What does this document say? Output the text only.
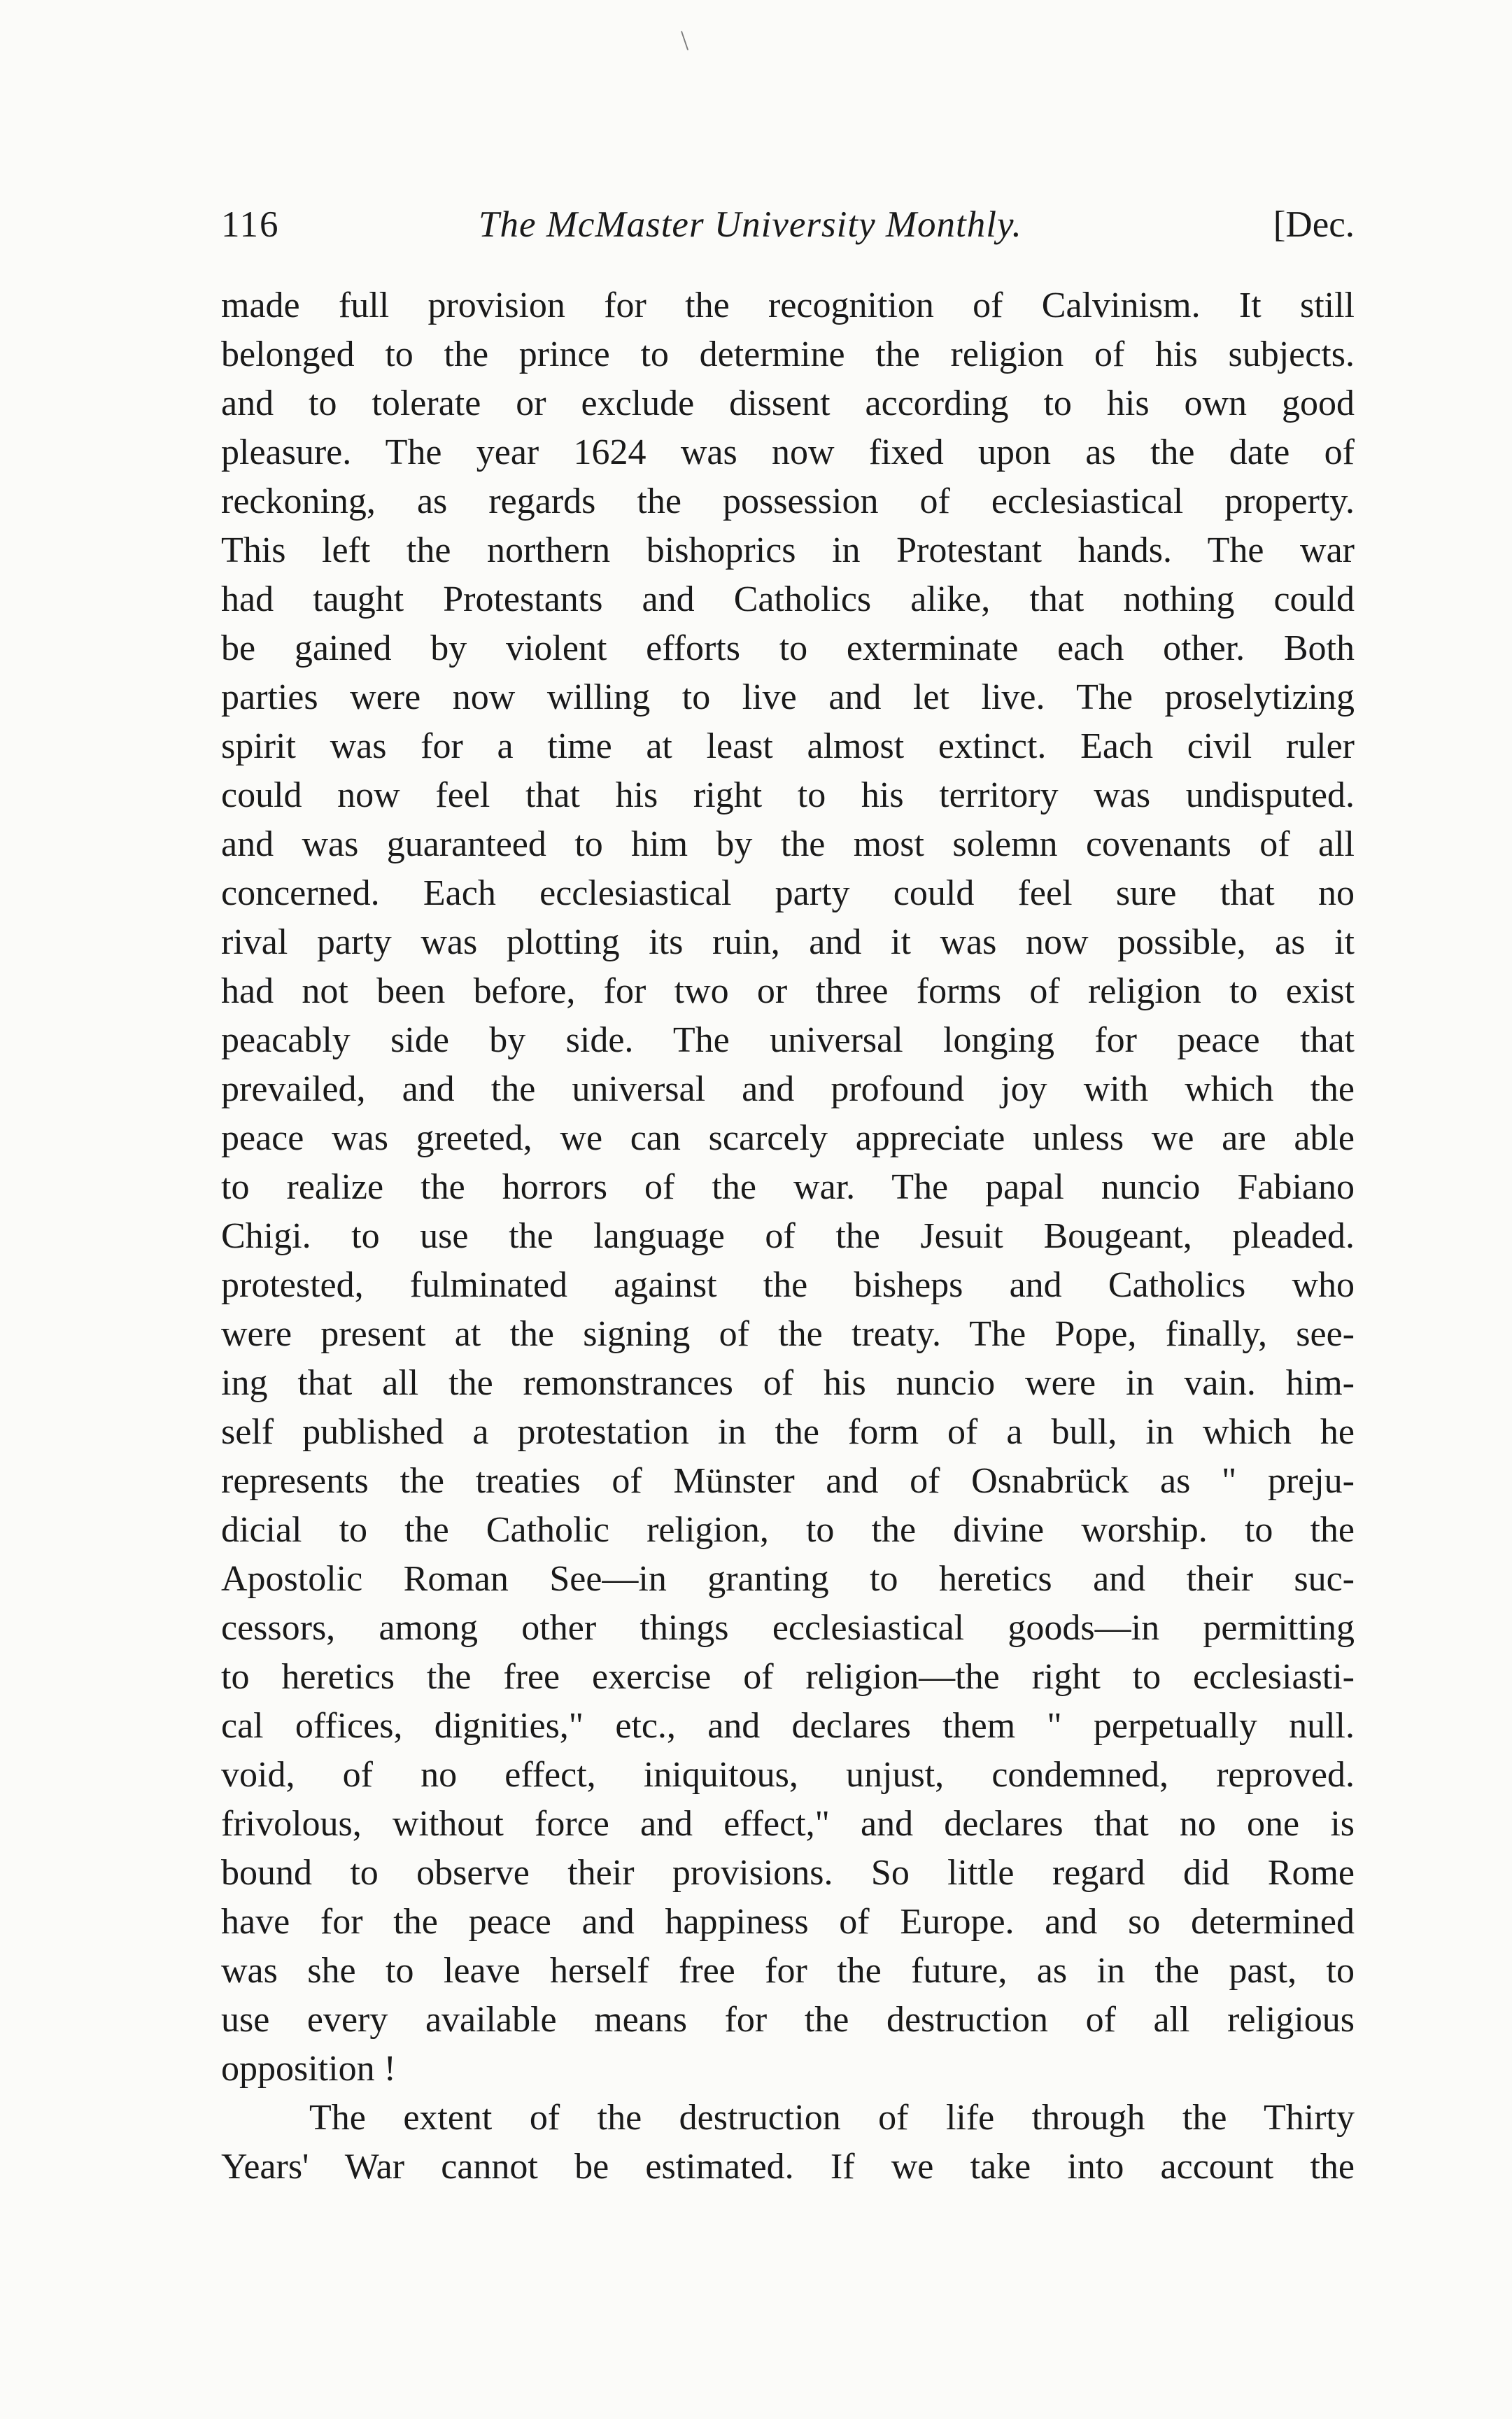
\
116	The McMaster University Monthly.	[Dec.
made full provision for the recognition of Calvinism. It still
belonged to the prince to determine the religion of his subjects.
and to tolerate or exclude dissent according to his own good
pleasure. The year 1624 was now fixed upon as the date of
reckoning, as regards the possession of ecclesiastical property.
This left the northern bishoprics in Protestant hands. The war
had taught Protestants and Catholics alike, that nothing could
be gained by violent efforts to exterminate each other. Both
parties were now willing to live and let live. The proselytizing
spirit was for a time at least almost extinct. Each civil ruler
could now feel that his right to his territory was undisputed.
and was guaranteed to him by the most solemn covenants of all
concerned. Each ecclesiastical party could feel sure that no
rival party was plotting its ruin, and it was now possible, as it
had not been before, for two or three forms of religion to exist
peacably side by side. The universal longing for peace that
prevailed, and the universal and profound joy with which the
peace was greeted, we can scarcely appreciate unless we are able
to realize the horrors of the war. The papal nuncio Fabiano
Chigi. to use the language of the Jesuit Bougeant, pleaded.
protested, fulminated against the bisheps and Catholics who
were present at the signing of the treaty. The Pope, finally, see-
ing that all the remonstrances of his nuncio were in vain. him-
self published a protestation in the form of a bull, in which he
represents the treaties of Münster and of Osnabrück as " preju-
dicial to the Catholic religion, to the divine worship. to the
Apostolic Roman See—in granting to heretics and their suc-
cessors, among other things ecclesiastical goods—in permitting
to heretics the free exercise of religion—the right to ecclesiasti-
cal offices, dignities," etc., and declares them " perpetually null.
void, of no effect, iniquitous, unjust, condemned, reproved.
frivolous, without force and effect," and declares that no one is
bound to observe their provisions. So little regard did Rome
have for the peace and happiness of Europe. and so determined
was she to leave herself free for the future, as in the past, to
use every available means for the destruction of all religious
opposition !
The extent of the destruction of life through the Thirty
Years' War cannot be estimated. If we take into account the
